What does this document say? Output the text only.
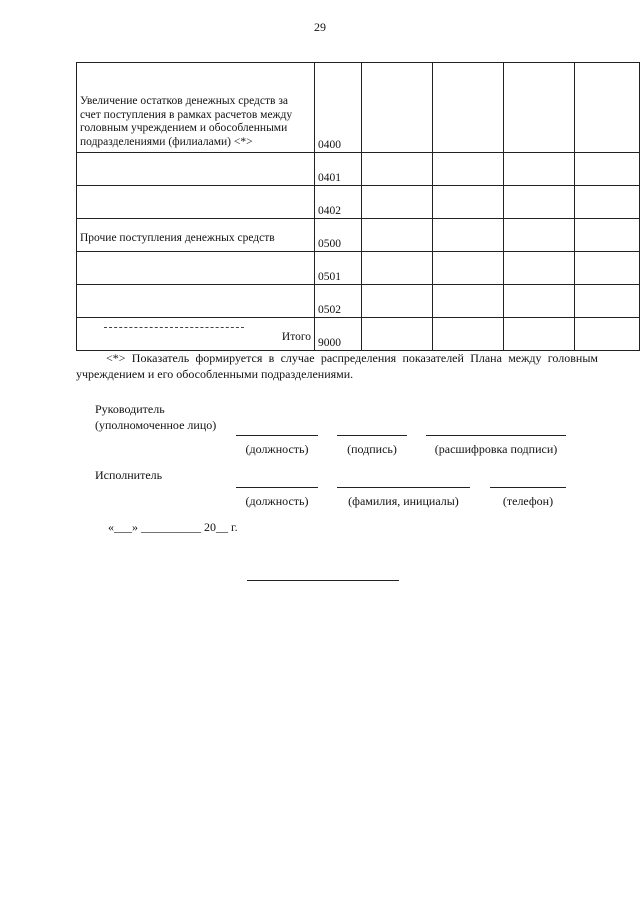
29
Увеличение остатков денежных средств за счет поступления в рамках расчетов между головным учреждением и обособленными подразделениями (филиалами) <*>	0400				
	0401				
	0402				
Прочие поступления денежных средств	0500				
	0501				
	0502				
Итого	9000				
<*> Показатель формируется в случае распределения показателей Плана между головным учреждением и его обособленными подразделениями.
Руководитель
(уполномоченное лицо)
(должность)	(подпись)	(расшифровка подписи)
Исполнитель
(должность)	(фамилия, инициалы)	(телефон)
«___» __________ 20__ г.
